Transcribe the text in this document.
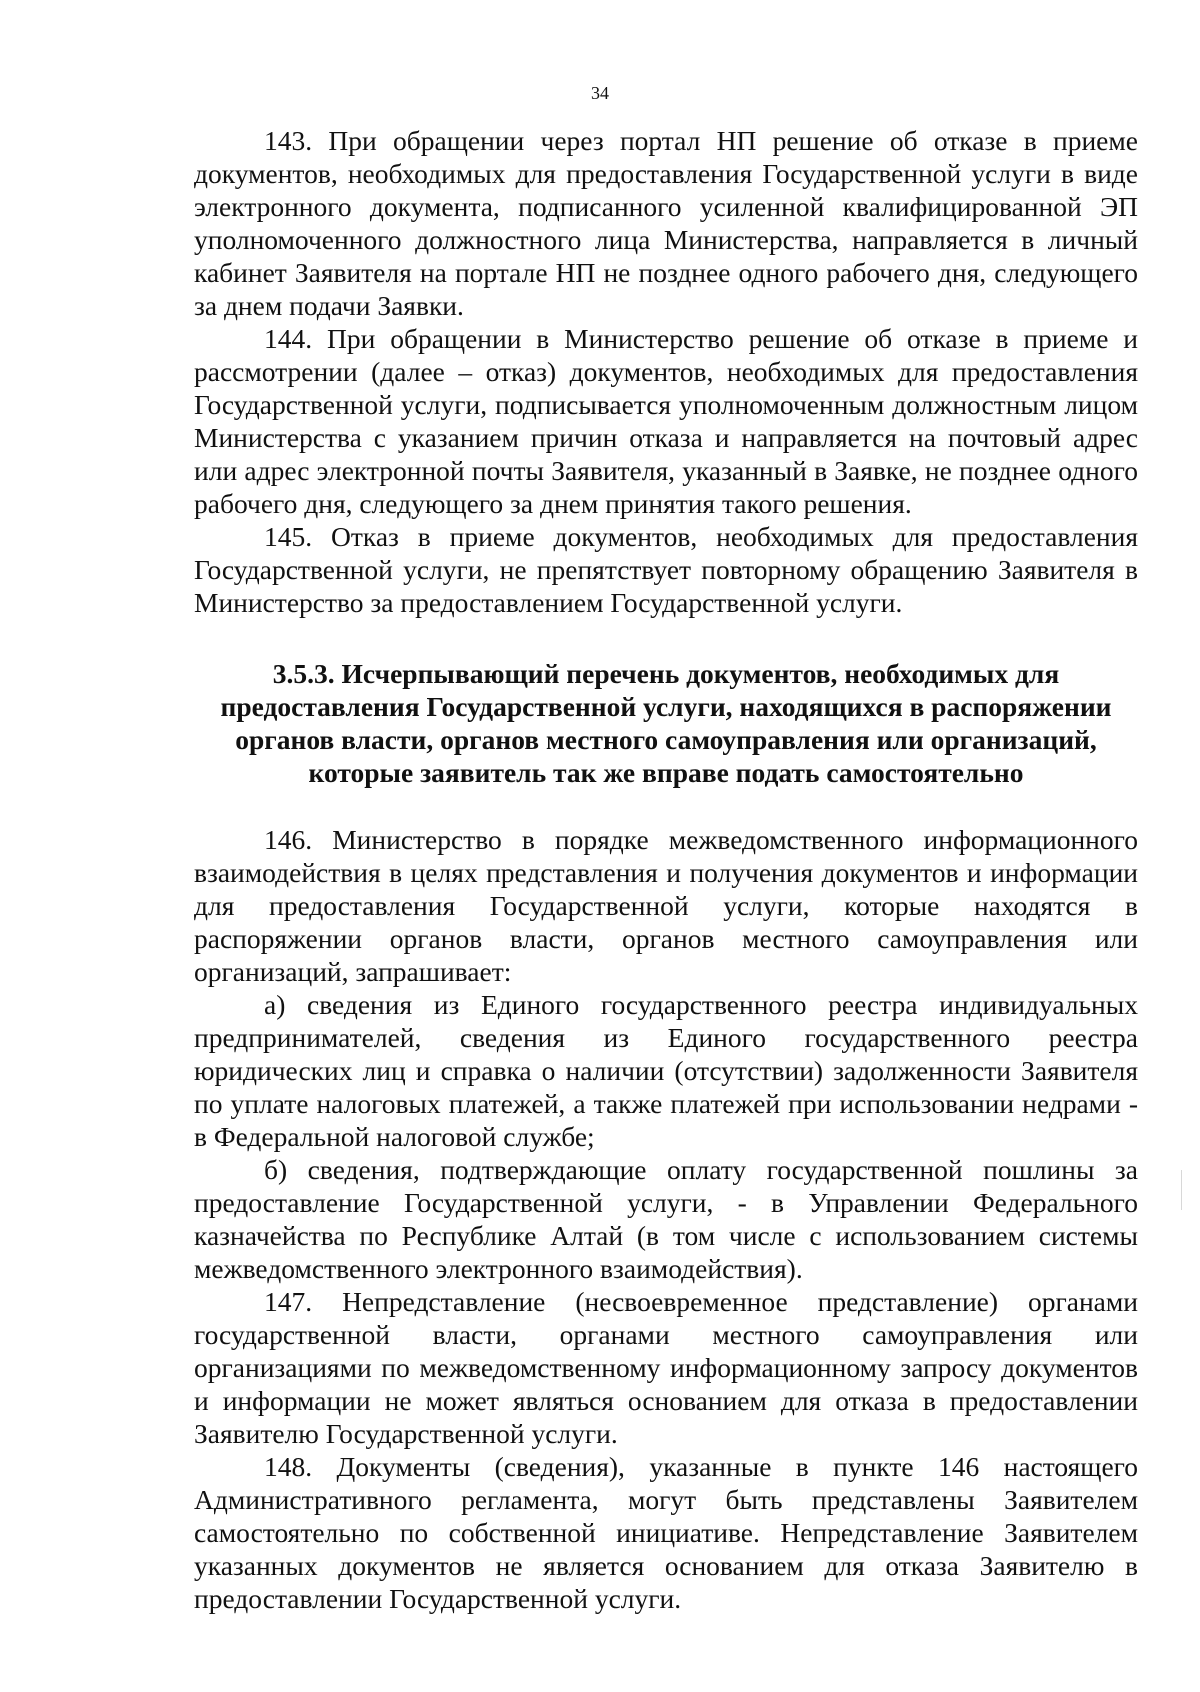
34

143. При обращении через портал НП решение об отказе в приеме документов, необходимых для предоставления Государственной услуги в виде электронного документа, подписанного усиленной квалифицированной ЭП уполномоченного должностного лица Министерства, направляется в личный кабинет Заявителя на портале НП не позднее одного рабочего дня, следующего за днем подачи Заявки.

144. При обращении в Министерство решение об отказе в приеме и рассмотрении (далее – отказ) документов, необходимых для предоставления Государственной услуги, подписывается уполномоченным должностным лицом Министерства с указанием причин отказа и направляется на почтовый адрес или адрес электронной почты Заявителя, указанный в Заявке, не позднее одного рабочего дня, следующего за днем принятия такого решения.

145. Отказ в приеме документов, необходимых для предоставления Государственной услуги, не препятствует повторному обращению Заявителя в Министерство за предоставлением Государственной услуги.

3.5.3. Исчерпывающий перечень документов, необходимых для
предоставления Государственной услуги, находящихся в распоряжении
органов власти, органов местного самоуправления или организаций,
которые заявитель так же вправе подать самостоятельно

146. Министерство в порядке межведомственного информационного взаимодействия в целях представления и получения документов и информации для предоставления Государственной услуги, которые находятся в распоряжении органов власти, органов местного самоуправления или организаций, запрашивает:

а) сведения из Единого государственного реестра индивидуальных предпринимателей, сведения из Единого государственного реестра юридических лиц и справка о наличии (отсутствии) задолженности Заявителя по уплате налоговых платежей, а также платежей при использовании недрами - в Федеральной налоговой службе;

б) сведения, подтверждающие оплату государственной пошлины за предоставление Государственной услуги, - в Управлении Федерального казначейства по Республике Алтай (в том числе с использованием системы межведомственного электронного взаимодействия).

147. Непредставление (несвоевременное представление) органами государственной власти, органами местного самоуправления или организациями по межведомственному информационному запросу документов и информации не может являться основанием для отказа в предоставлении Заявителю Государственной услуги.

148. Документы (сведения), указанные в пункте 146 настоящего Административного регламента, могут быть представлены Заявителем самостоятельно по собственной инициативе. Непредставление Заявителем указанных документов не является основанием для отказа Заявителю в предоставлении Государственной услуги.
